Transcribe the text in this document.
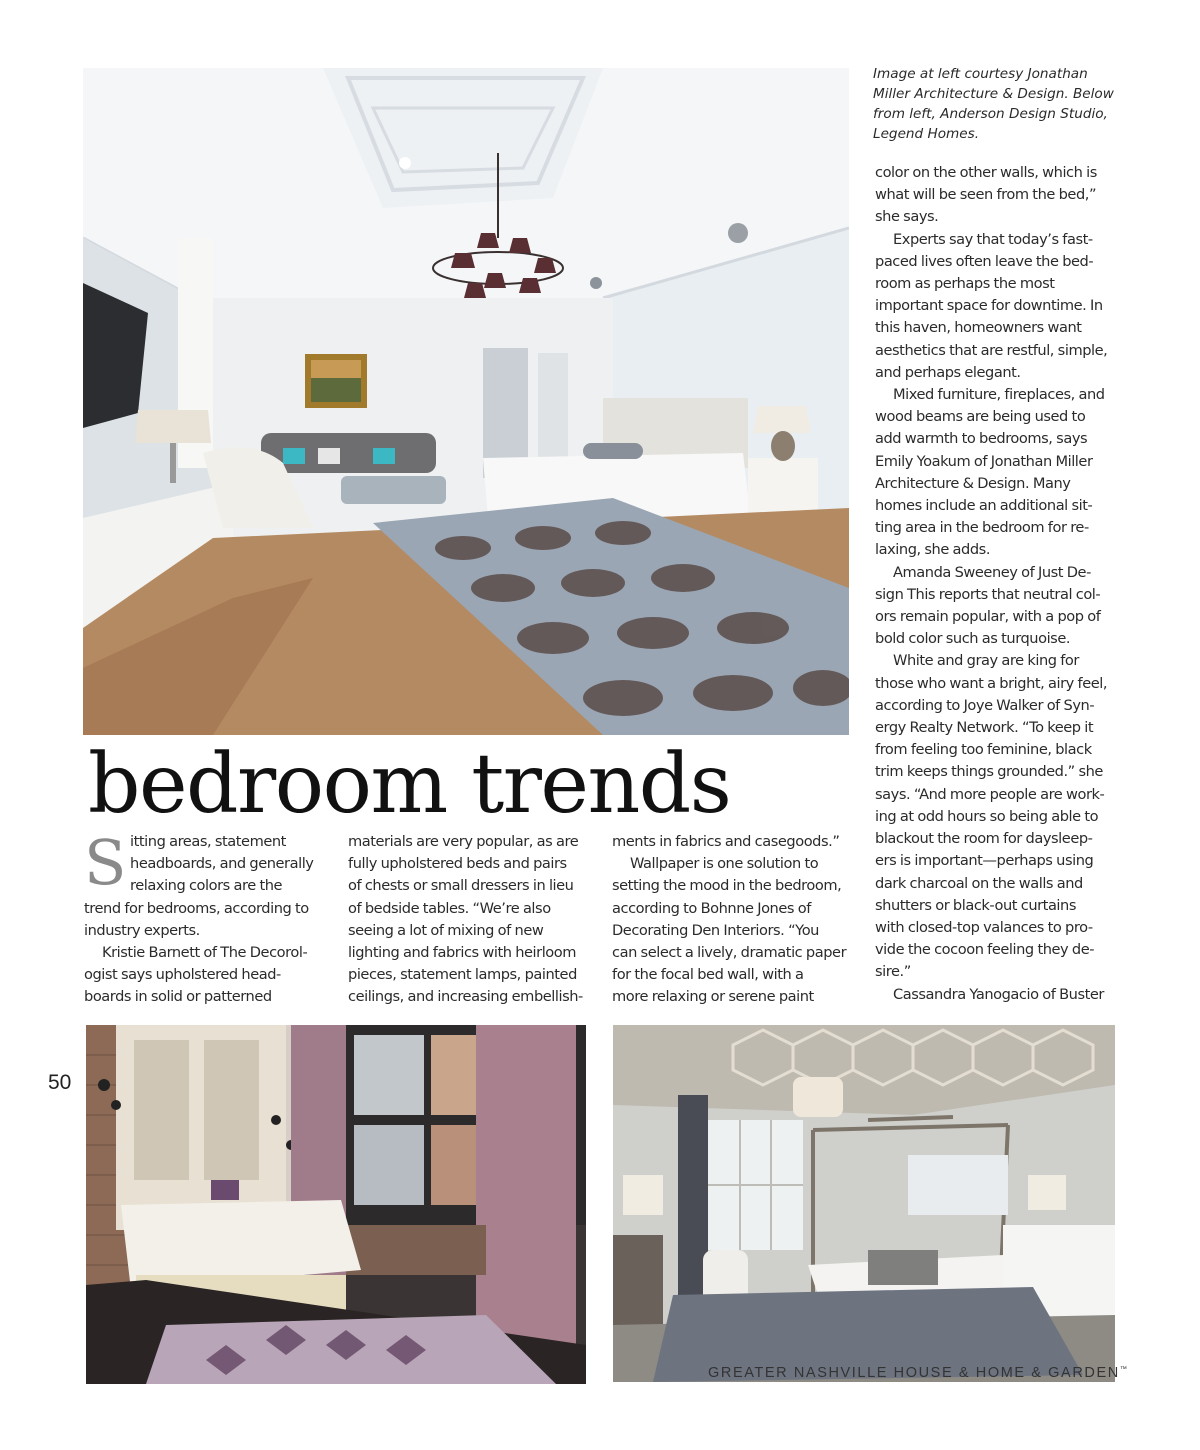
Image at left courtesy Jonathan Miller Architecture & Design. Below from left, Anderson Design Studio, Legend Homes.

bedroom trends
S itting areas, statement

headboards, and generally

relaxing colors are the

trend for bedrooms, according to

industry experts.

Kristie Barnett of The Decorol-

ogist says upholstered head-

boards in solid or patterned

materials are very popular, as are

fully upholstered beds and pairs

of chests or small dressers in lieu

of bedside tables. “We’re also

seeing a lot of mixing of new

lighting and fabrics with heirloom

pieces, statement lamps, painted

ceilings, and increasing embellish-

ments in fabrics and casegoods.”

Wallpaper is one solution to

setting the mood in the bedroom,

according to Bohnne Jones of

Decorating Den Interiors. “You

can select a lively, dramatic paper

for the focal bed wall, with a

more relaxing or serene paint

color on the other walls, which is

what will be seen from the bed,”

she says.

Experts say that today’s fast-

paced lives often leave the bed-

room as perhaps the most

important space for downtime. In

this haven, homeowners want

aesthetics that are restful, simple,

and perhaps elegant.

Mixed furniture, fireplaces, and

wood beams are being used to

add warmth to bedrooms, says

Emily Yoakum of Jonathan Miller

Architecture & Design. Many

homes include an additional sit-

ting area in the bedroom for re-

laxing, she adds.

Amanda Sweeney of Just De-

sign This reports that neutral col-

ors remain popular, with a pop of

bold color such as turquoise.

White and gray are king for

those who want a bright, airy feel,

according to Joye Walker of Syn-

ergy Realty Network. “To keep it

from feeling too feminine, black

trim keeps things grounded.” she

says. “And more people are work-

ing at odd hours so being able to

blackout the room for daysleep-

ers is important—perhaps using

dark charcoal on the walls and

shutters or black-out curtains

with closed-top valances to pro-

vide the cocoon feeling they de-

sire.”

Cassandra Yanogacio of Buster

50
GREATER NASHVILLE HOUSE & HOME & GARDEN™
